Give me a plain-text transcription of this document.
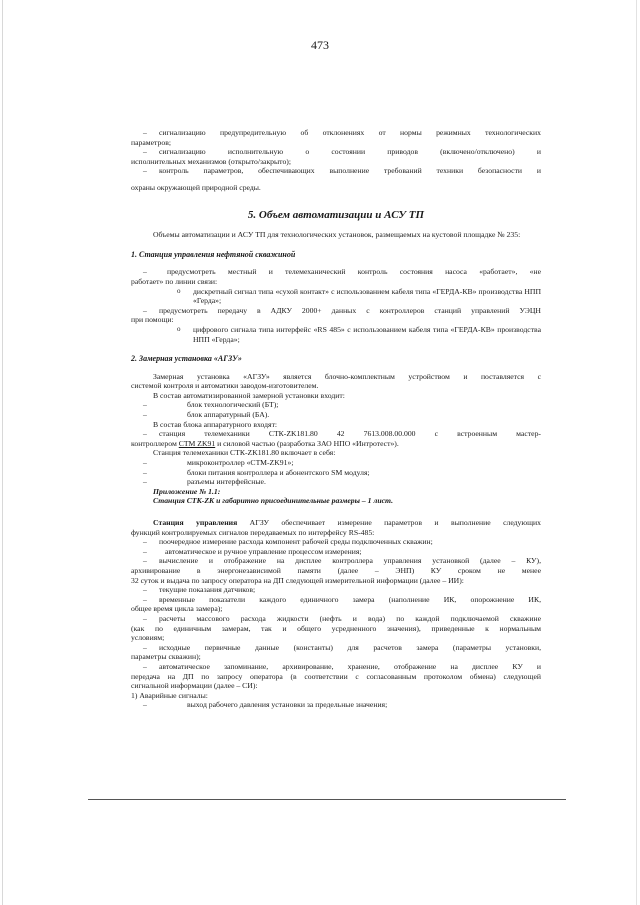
473

– сигнализацию предупредительную об отклонениях от нормы режимных технологических

параметров;

– сигнализацию исполнительную о состоянии приводов (включено/отключено) и

исполнительных механизмов (открыто/закрыто);

– контроль параметров, обеспечивающих выполнение требований техники безопасности и

охраны окружающей природной среды.

5. Объем автоматизации и АСУ ТП

Объемы автоматизации и АСУ ТП для технологических установок, размещаемых на кустовой площадке № 235:

1. Станция управления нефтяной скважиной

–	предусмотреть местный и телемеханический контроль состояния насоса «работает», «не

работает» по линии связи:

o дискретный сигнал типа «сухой контакт» с использованием кабеля типа «ГЕРДА-КВ» производства НПП «Герда»;

– предусмотреть передачу в АДКУ 2000+ данных с контроллеров станций управлений УЭЦН

при помощи:

o цифрового сигнала типа интерфейс «RS 485» с использованием кабеля типа «ГЕРДА-КВ» производства НПП «Герда»;

2. Замерная установка «АГЗУ»

Замерная установка «АГЗУ» является блочно-комплектным устройством и поставляется с

системой контроля и автоматики заводом-изготовителем.

В состав автоматизированной замерной установки входит:

–	блок технологический (БТ);

–	блок аппаратурный (БА).

В состав блока аппаратурного входят:

– станция телемеханики СТК-ZK181.80 42 7613.008.00.000 с встроенным мастер-

контроллером СТМ ZK91 и силовой частью (разработка ЗАО НПО «Интротест»).

Станция телемеханики СТК-ZK181.80 включает в себя:

–	микроконтроллер «СТМ-ZK91»;

–	блоки питания контроллера и абонентского SM модуля;

–	разъемы интерфейсные.

Приложение № 1.1:

Станция СТК-ZK и габаритно присоединительные размеры – 1 лист.

Станция управления АГЗУ обеспечивает измерение параметров и выполнение следующих

функций контролируемых сигналов передаваемых по интерфейсу RS-485:

– поочередное измерение расхода компонент рабочей среды подключенных скважин;

– автоматическое и ручное управление процессом измерения;

– вычисление и отображение на дисплее контроллера управления установкой (далее – КУ),

архивирование в энергонезависимой памяти (далее – ЭНП) КУ сроком не менее

32 суток и выдача по запросу оператора на ДП следующей измерительной информации (далее – ИИ):

– текущие показания датчиков;

– временные показатели каждого единичного замера (наполнение ИК, опорожнение ИК,

общее время цикла замера);

– расчеты массового расхода жидкости (нефть и вода) по каждой подключаемой скважине

(как по единичным замерам, так и общего усредненного значения), приведенные к нормальным

условиям;

– исходные первичные данные (константы) для расчетов замера (параметры установки,

параметры скважин);

– автоматическое запоминание, архивирование, хранение, отображение на дисплее КУ и

передача на ДП по запросу оператора (в соответствии с согласованным протоколом обмена) следующей

сигнальной информации (далее – СИ):

1) Аварийные сигналы:

–	выход рабочего давления установки за предельные значения;
